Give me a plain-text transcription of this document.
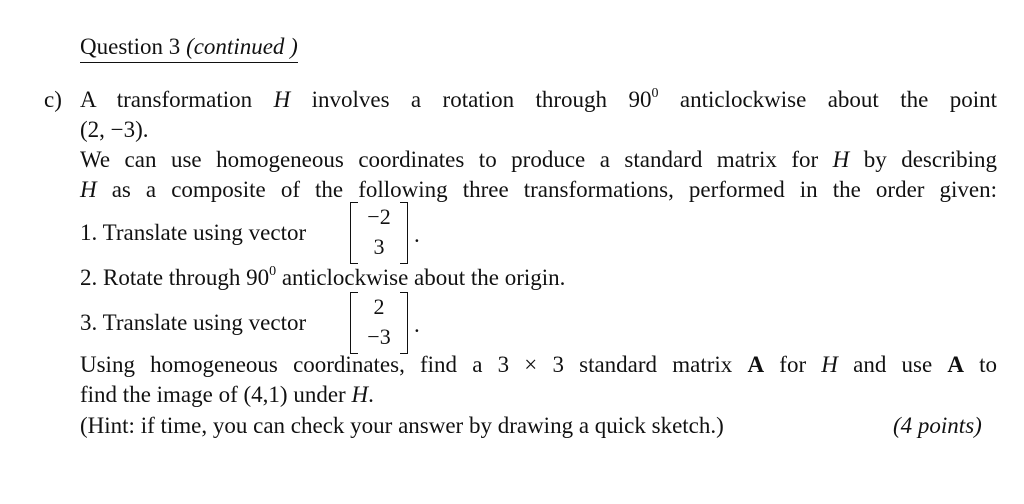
Question 3 (continued )
c) A transformation H involves a rotation through $90^0$ anticlockwise about the point
(2, −3).
We can use homogeneous coordinates to produce a standard matrix for H by describing
H as a composite of the following three transformations, performed in the order given:
1. Translate using vector
−2
3	.
2. Rotate through $90^0$ anticlockwise about the origin.
3. Translate using vector
2
−3	.
Using homogeneous coordinates, find a 3 × 3 standard matrix A for H and use A to
find the image of (4,1) under H.
(Hint: if time, you can check your answer by drawing a quick sketch.)	(4 points)
